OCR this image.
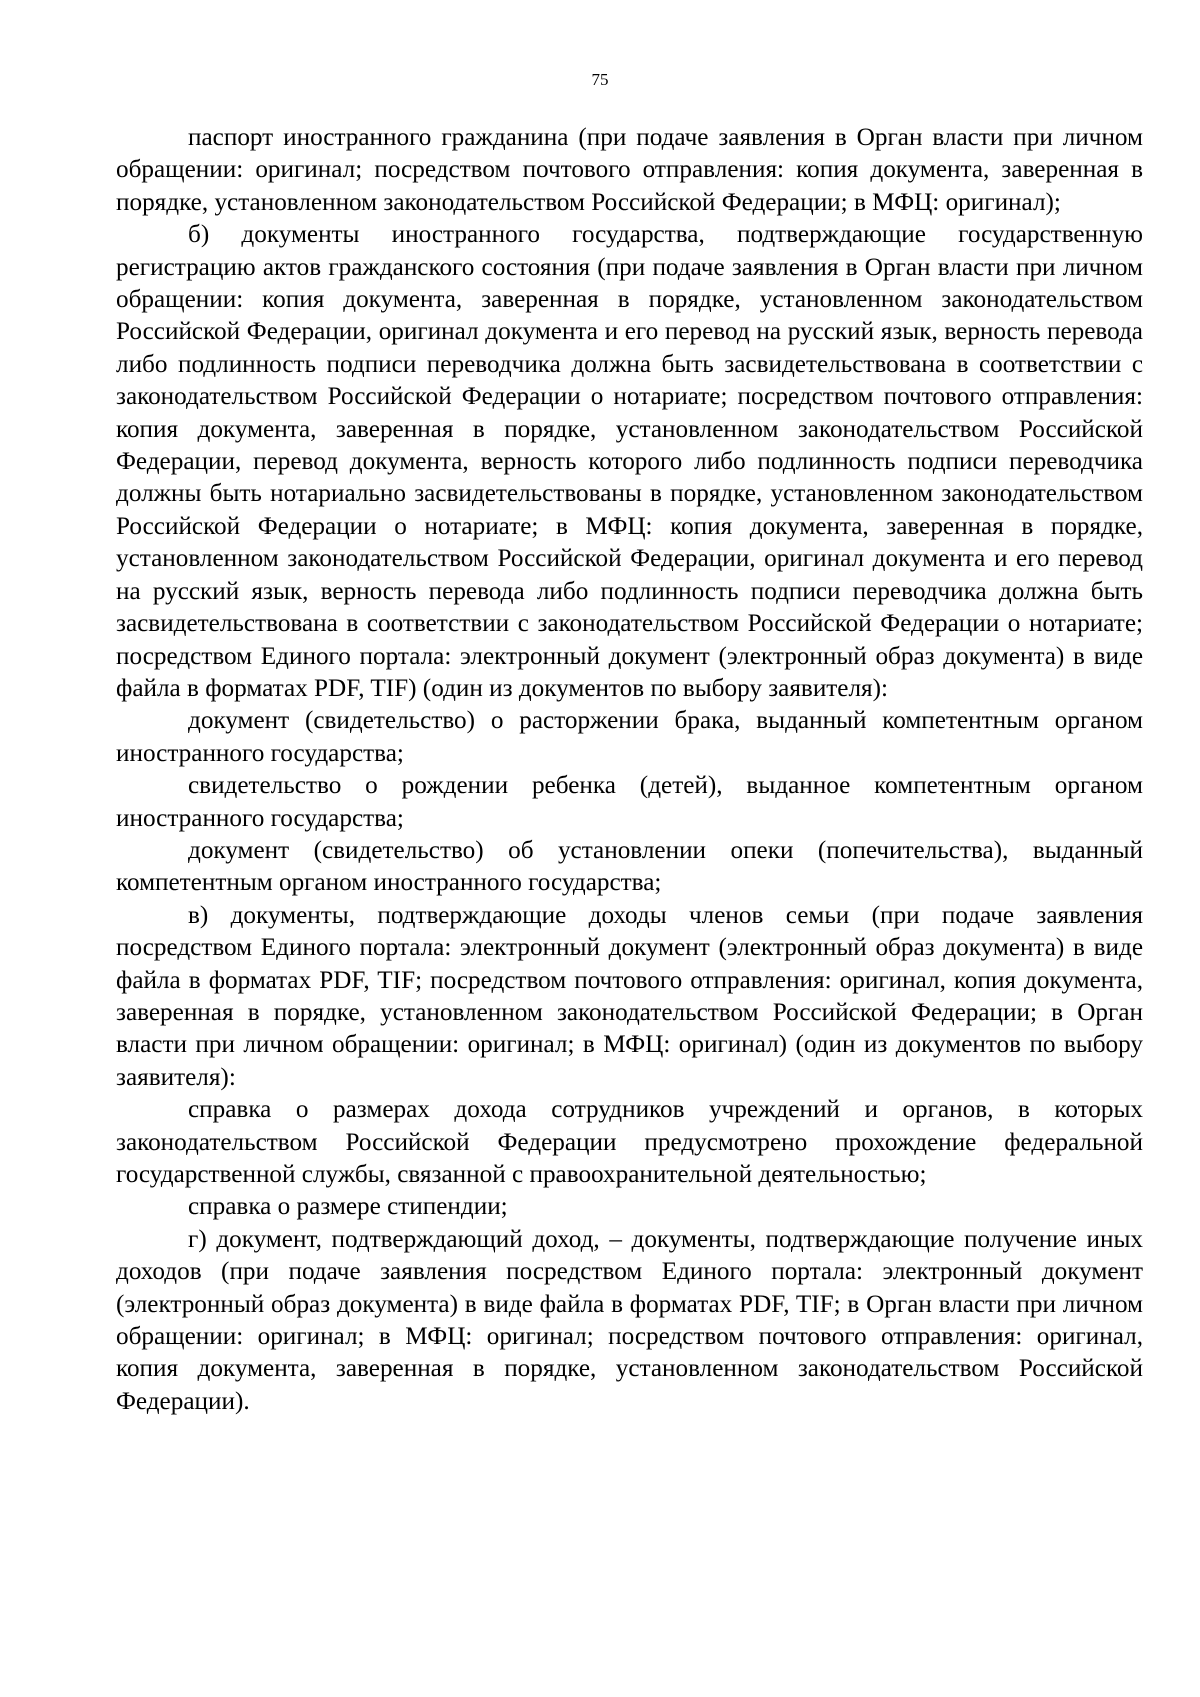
75

паспорт иностранного гражданина (при подаче заявления в Орган власти при личном обращении: оригинал; посредством почтового отправления: копия документа, заверенная в порядке, установленном законодательством Российской Федерации; в МФЦ: оригинал);

б) документы иностранного государства, подтверждающие государственную регистрацию актов гражданского состояния (при подаче заявления в Орган власти при личном обращении: копия документа, заверенная в порядке, установленном законодательством Российской Федерации, оригинал документа и его перевод на русский язык, верность перевода либо подлинность подписи переводчика должна быть засвидетельствована в соответствии с законодательством Российской Федерации о нотариате; посредством почтового отправления: копия документа, заверенная в порядке, установленном законодательством Российской Федерации, перевод документа, верность которого либо подлинность подписи переводчика должны быть нотариально засвидетельствованы в порядке, установленном законодательством Российской Федерации о нотариате; в МФЦ: копия документа, заверенная в порядке, установленном законодательством Российской Федерации, оригинал документа и его перевод на русский язык, верность перевода либо подлинность подписи переводчика должна быть засвидетельствована в соответствии с законодательством Российской Федерации о нотариате; посредством Единого портала: электронный документ (электронный образ документа) в виде файла в форматах PDF, TIF) (один из документов по выбору заявителя):

документ (свидетельство) о расторжении брака, выданный компетентным органом иностранного государства;

свидетельство о рождении ребенка (детей), выданное компетентным органом иностранного государства;

документ (свидетельство) об установлении опеки (попечительства), выданный компетентным органом иностранного государства;

в) документы, подтверждающие доходы членов семьи (при подаче заявления посредством Единого портала: электронный документ (электронный образ документа) в виде файла в форматах PDF, TIF; посредством почтового отправления: оригинал, копия документа, заверенная в порядке, установленном законодательством Российской Федерации; в Орган власти при личном обращении: оригинал; в МФЦ: оригинал) (один из документов по выбору заявителя):

справка о размерах дохода сотрудников учреждений и органов, в которых законодательством Российской Федерации предусмотрено прохождение федеральной государственной службы, связанной с правоохранительной деятельностью;

справка о размере стипендии;

г) документ, подтверждающий доход, – документы, подтверждающие получение иных доходов (при подаче заявления посредством Единого портала: электронный документ (электронный образ документа) в виде файла в форматах PDF, TIF; в Орган власти при личном обращении: оригинал; в МФЦ: оригинал; посредством почтового отправления: оригинал, копия документа, заверенная в порядке, установленном законодательством Российской Федерации).
